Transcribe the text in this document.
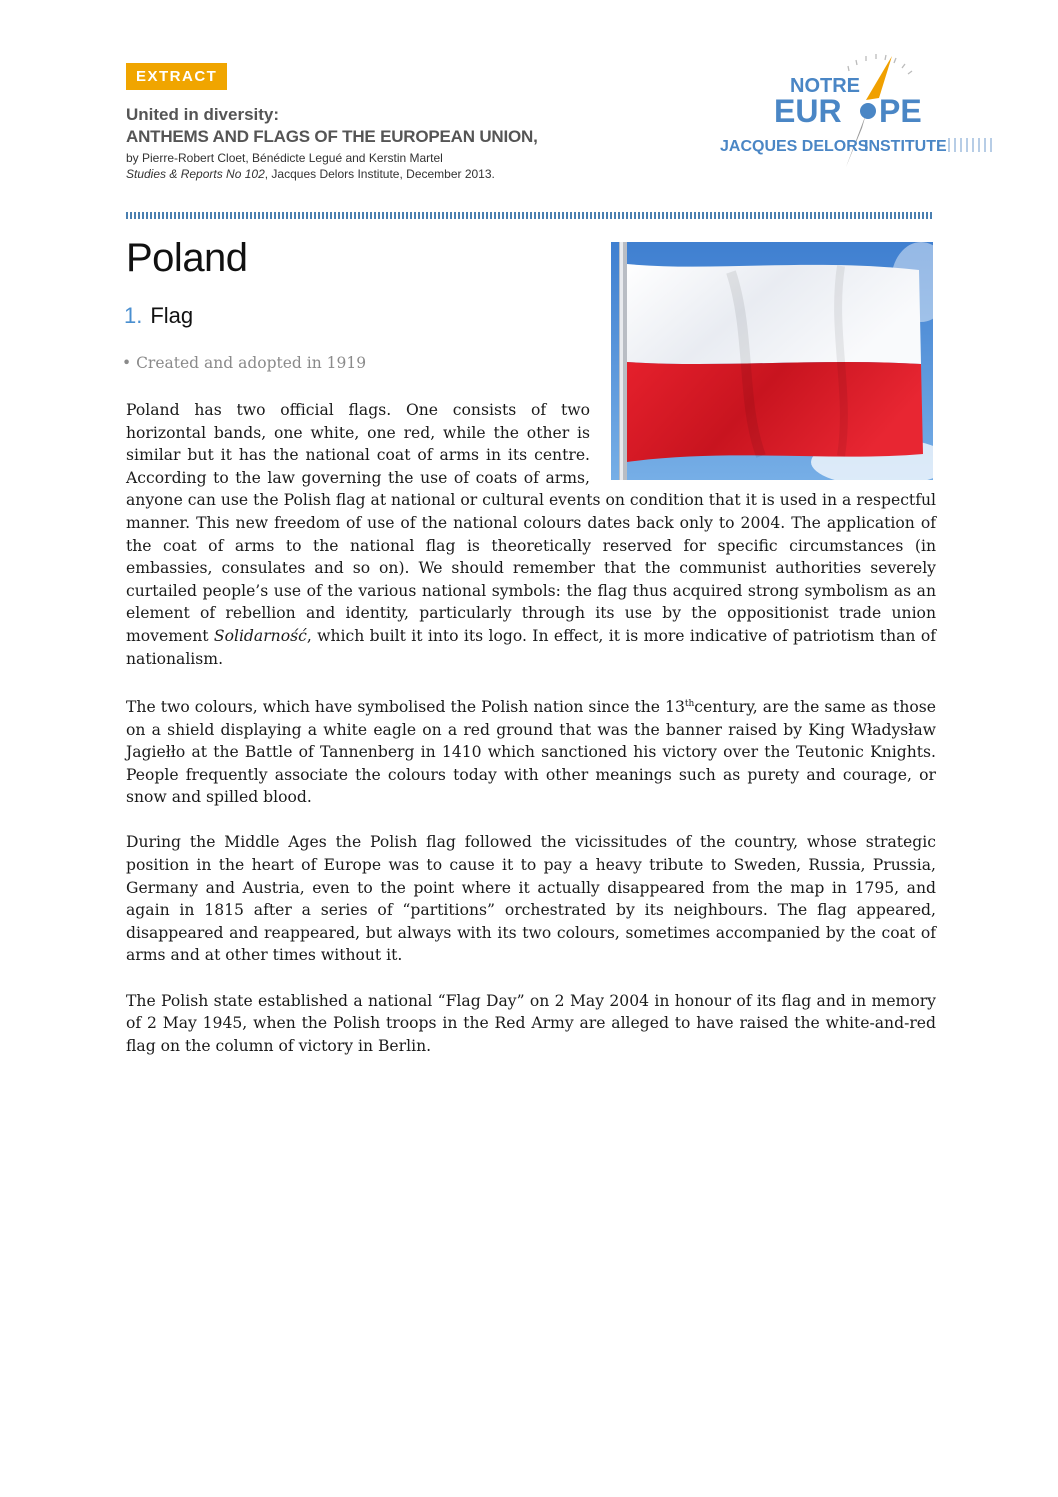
EXTRACT
United in diversity:
ANTHEMS AND FLAGS OF THE EUROPEAN UNION,
by Pierre-Robert Cloet, Bénédicte Legué and Kerstin Martel
Studies & Reports No 102, Jacques Delors Institute, December 2013.
NOTRE
EUR PE
JACQUES DELORS
INSTITUTE
Poland
1. Flag
• Created and adopted in 1919

Poland has two official flags. One consists of two horizontal bands, one white, one red, while the other is similar but it has the national coat of arms in its centre. According to the law governing the use of coats of arms, anyone can use the Polish flag at national or cultural events on condition that it is used in a respectful manner. This new freedom of use of the national colours dates back only to 2004. The application of the coat of arms to the national flag is theoretically reserved for specific circumstances (in embassies, consulates and so on). We should remember that the communist authorities severely curtailed people’s use of the various national symbols: the flag thus acquired strong symbolism as an element of rebellion and identity, particularly through its use by the oppositionist trade union movement Solidarność, which built it into its logo. In effect, it is more indicative of patriotism than of nationalism.

The two colours, which have symbolised the Polish nation since the 13thcentury, are the same as those on a shield displaying a white eagle on a red ground that was the banner raised by King Władysław Jagiełło at the Battle of Tannenberg in 1410 which sanctioned his victory over the Teutonic Knights. People frequently associate the colours today with other meanings such as purety and courage, or snow and spilled blood.

During the Middle Ages the Polish flag followed the vicissitudes of the country, whose strategic position in the heart of Europe was to cause it to pay a heavy tribute to Sweden, Russia, Prussia, Germany and Austria, even to the point where it actually disappeared from the map in 1795, and again in 1815 after a series of “partitions” orchestrated by its neighbours. The flag appeared, disappeared and reappeared, but always with its two colours, sometimes accompanied by the coat of arms and at other times without it.

The Polish state established a national “Flag Day” on 2 May 2004 in honour of its flag and in memory of 2 May 1945, when the Polish troops in the Red Army are alleged to have raised the white-and-red flag on the column of victory in Berlin.
